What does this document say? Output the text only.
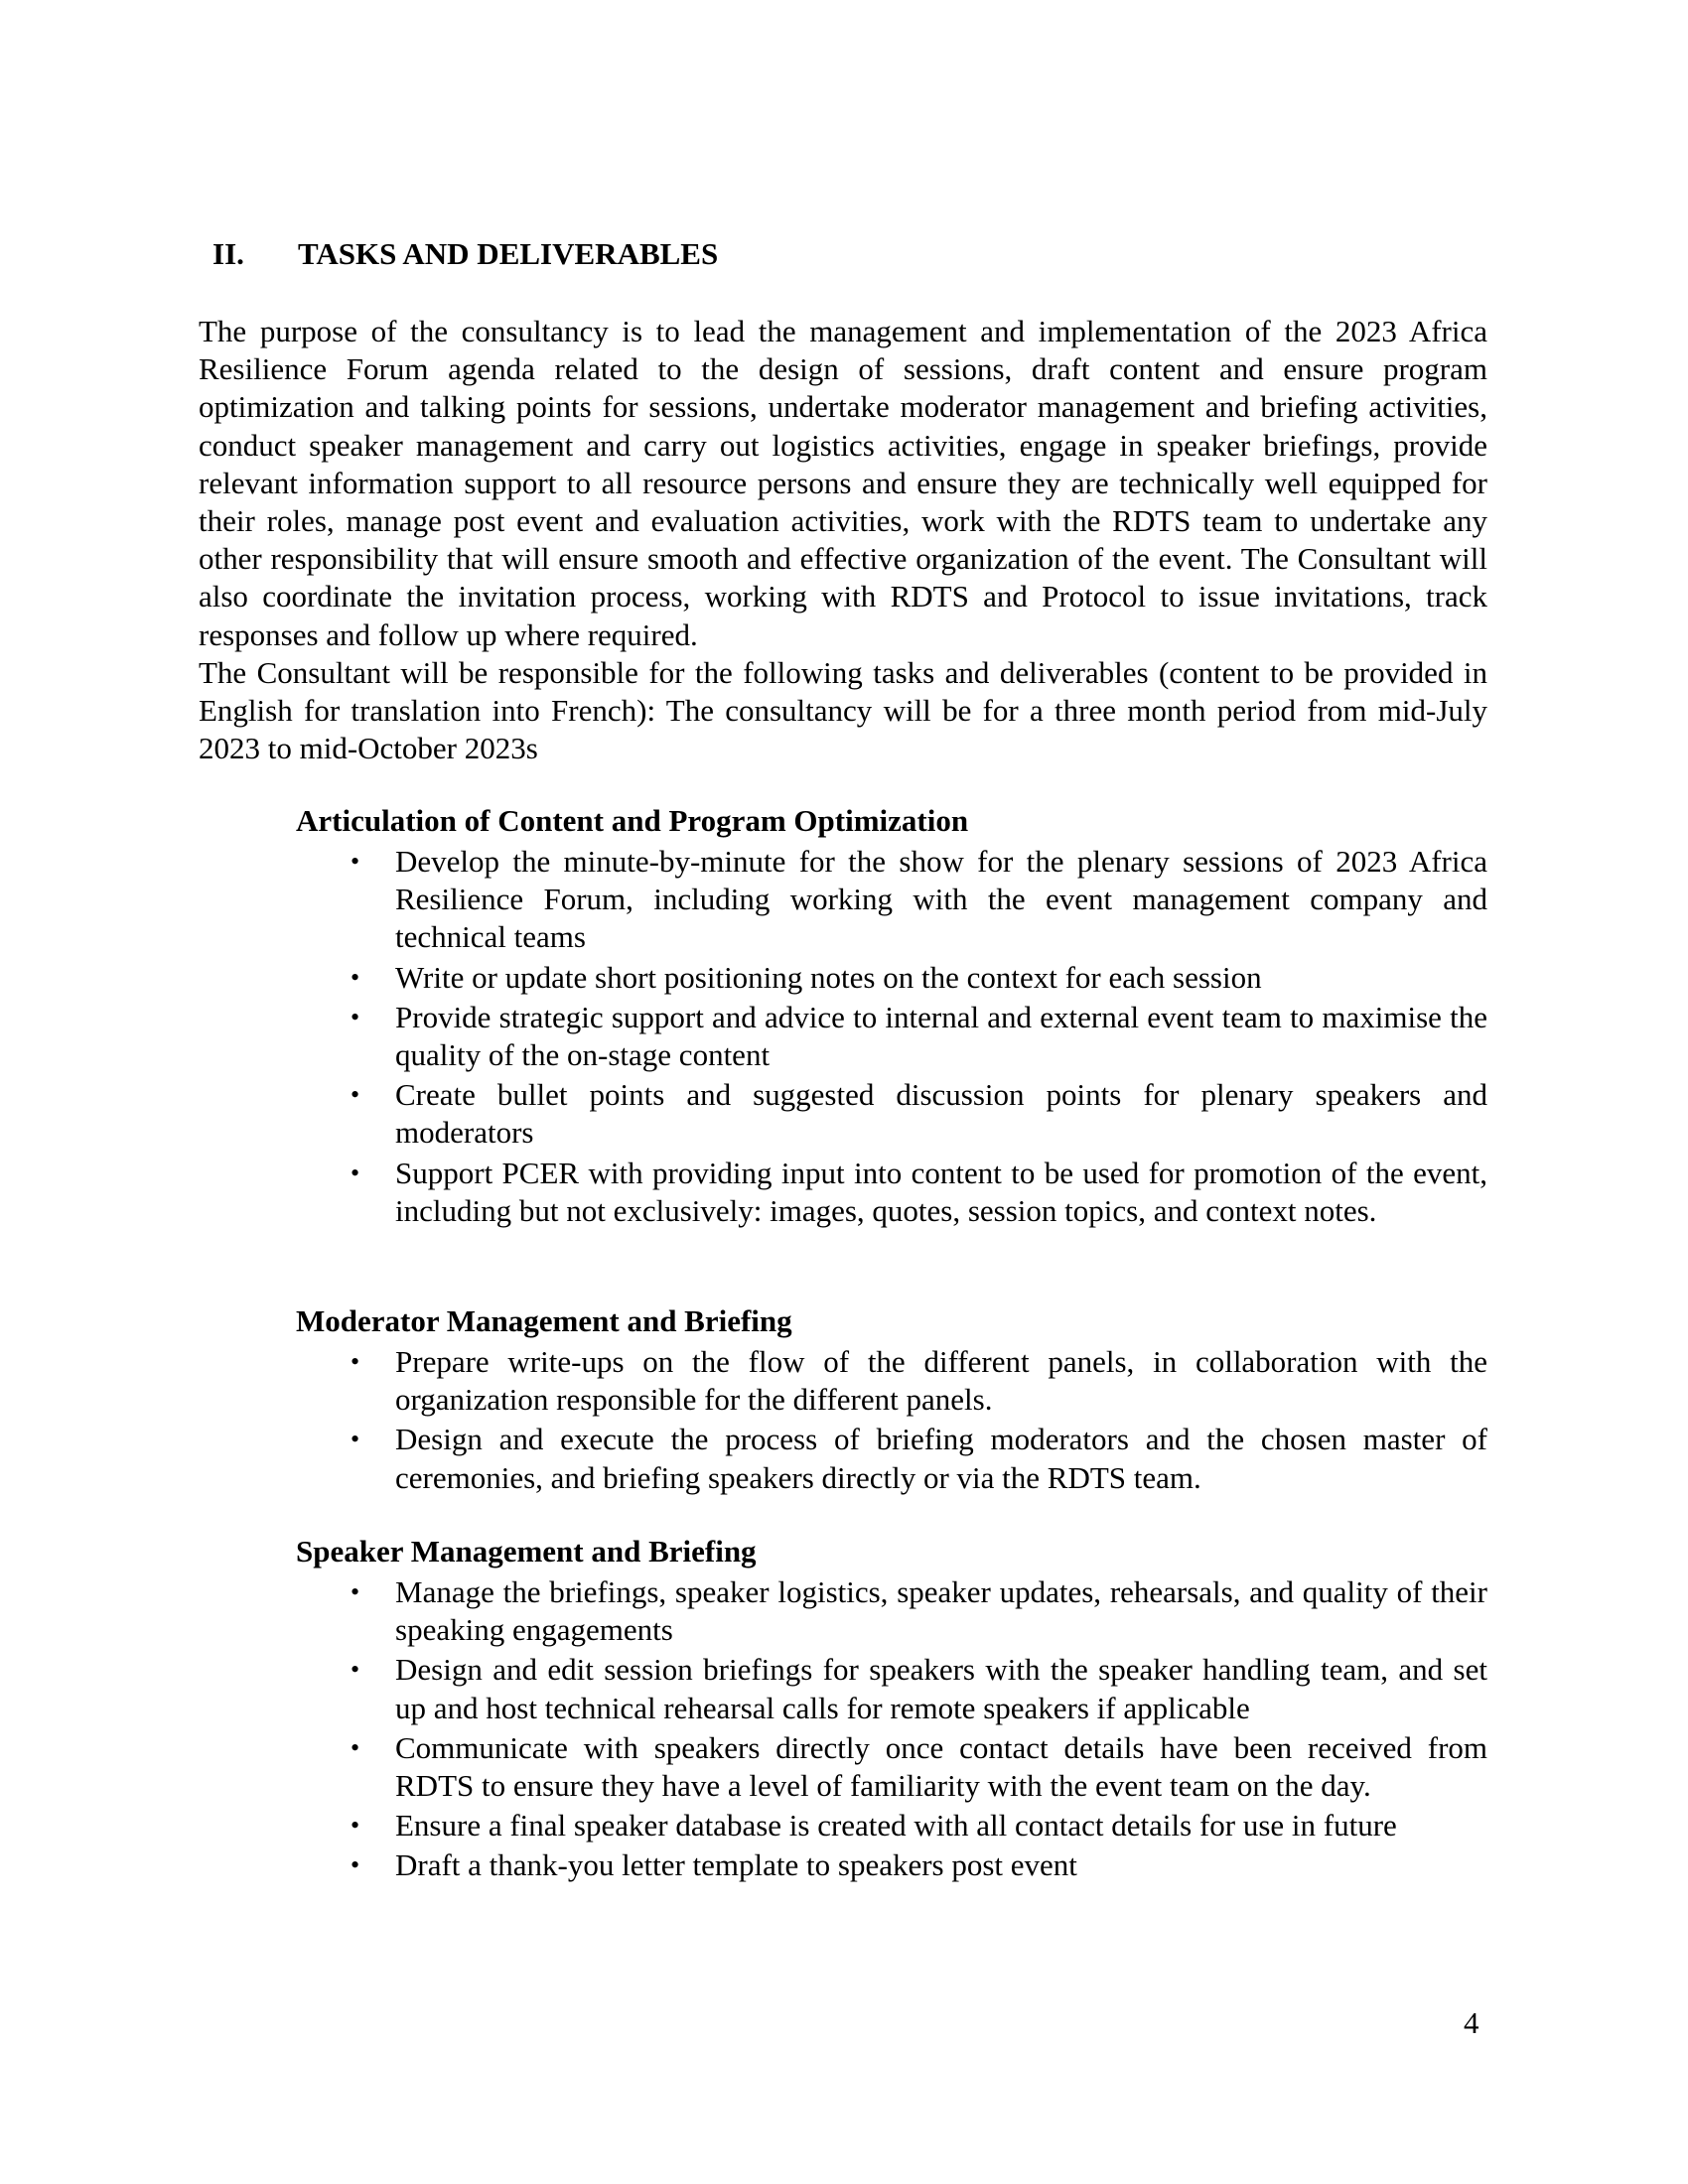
II. TASKS AND DELIVERABLES

The purpose of the consultancy is to lead the management and implementation of the 2023 Africa Resilience Forum agenda related to the design of sessions, draft content and ensure program optimization and talking points for sessions, undertake moderator management and briefing activities, conduct speaker management and carry out logistics activities, engage in speaker briefings, provide relevant information support to all resource persons and ensure they are technically well equipped for their roles, manage post event and evaluation activities, work with the RDTS team to undertake any other responsibility that will ensure smooth and effective organization of the event. The Consultant will also coordinate the invitation process, working with RDTS and Protocol to issue invitations, track responses and follow up where required.

The Consultant will be responsible for the following tasks and deliverables (content to be provided in English for translation into French): The consultancy will be for a three month period from mid-July 2023 to mid-October 2023s

Articulation of Content and Program Optimization
• Develop the minute-by-minute for the show for the plenary sessions of 2023 Africa Resilience Forum, including working with the event management company and technical teams
• Write or update short positioning notes on the context for each session
• Provide strategic support and advice to internal and external event team to maximise the quality of the on-stage content
• Create bullet points and suggested discussion points for plenary speakers and moderators
• Support PCER with providing input into content to be used for promotion of the event, including but not exclusively: images, quotes, session topics, and context notes.
Moderator Management and Briefing
• Prepare write-ups on the flow of the different panels, in collaboration with the organization responsible for the different panels.
• Design and execute the process of briefing moderators and the chosen master of ceremonies, and briefing speakers directly or via the RDTS team.
Speaker Management and Briefing
• Manage the briefings, speaker logistics, speaker updates, rehearsals, and quality of their speaking engagements
• Design and edit session briefings for speakers with the speaker handling team, and set up and host technical rehearsal calls for remote speakers if applicable
• Communicate with speakers directly once contact details have been received from RDTS to ensure they have a level of familiarity with the event team on the day.
• Ensure a final speaker database is created with all contact details for use in future
• Draft a thank-you letter template to speakers post event
4
